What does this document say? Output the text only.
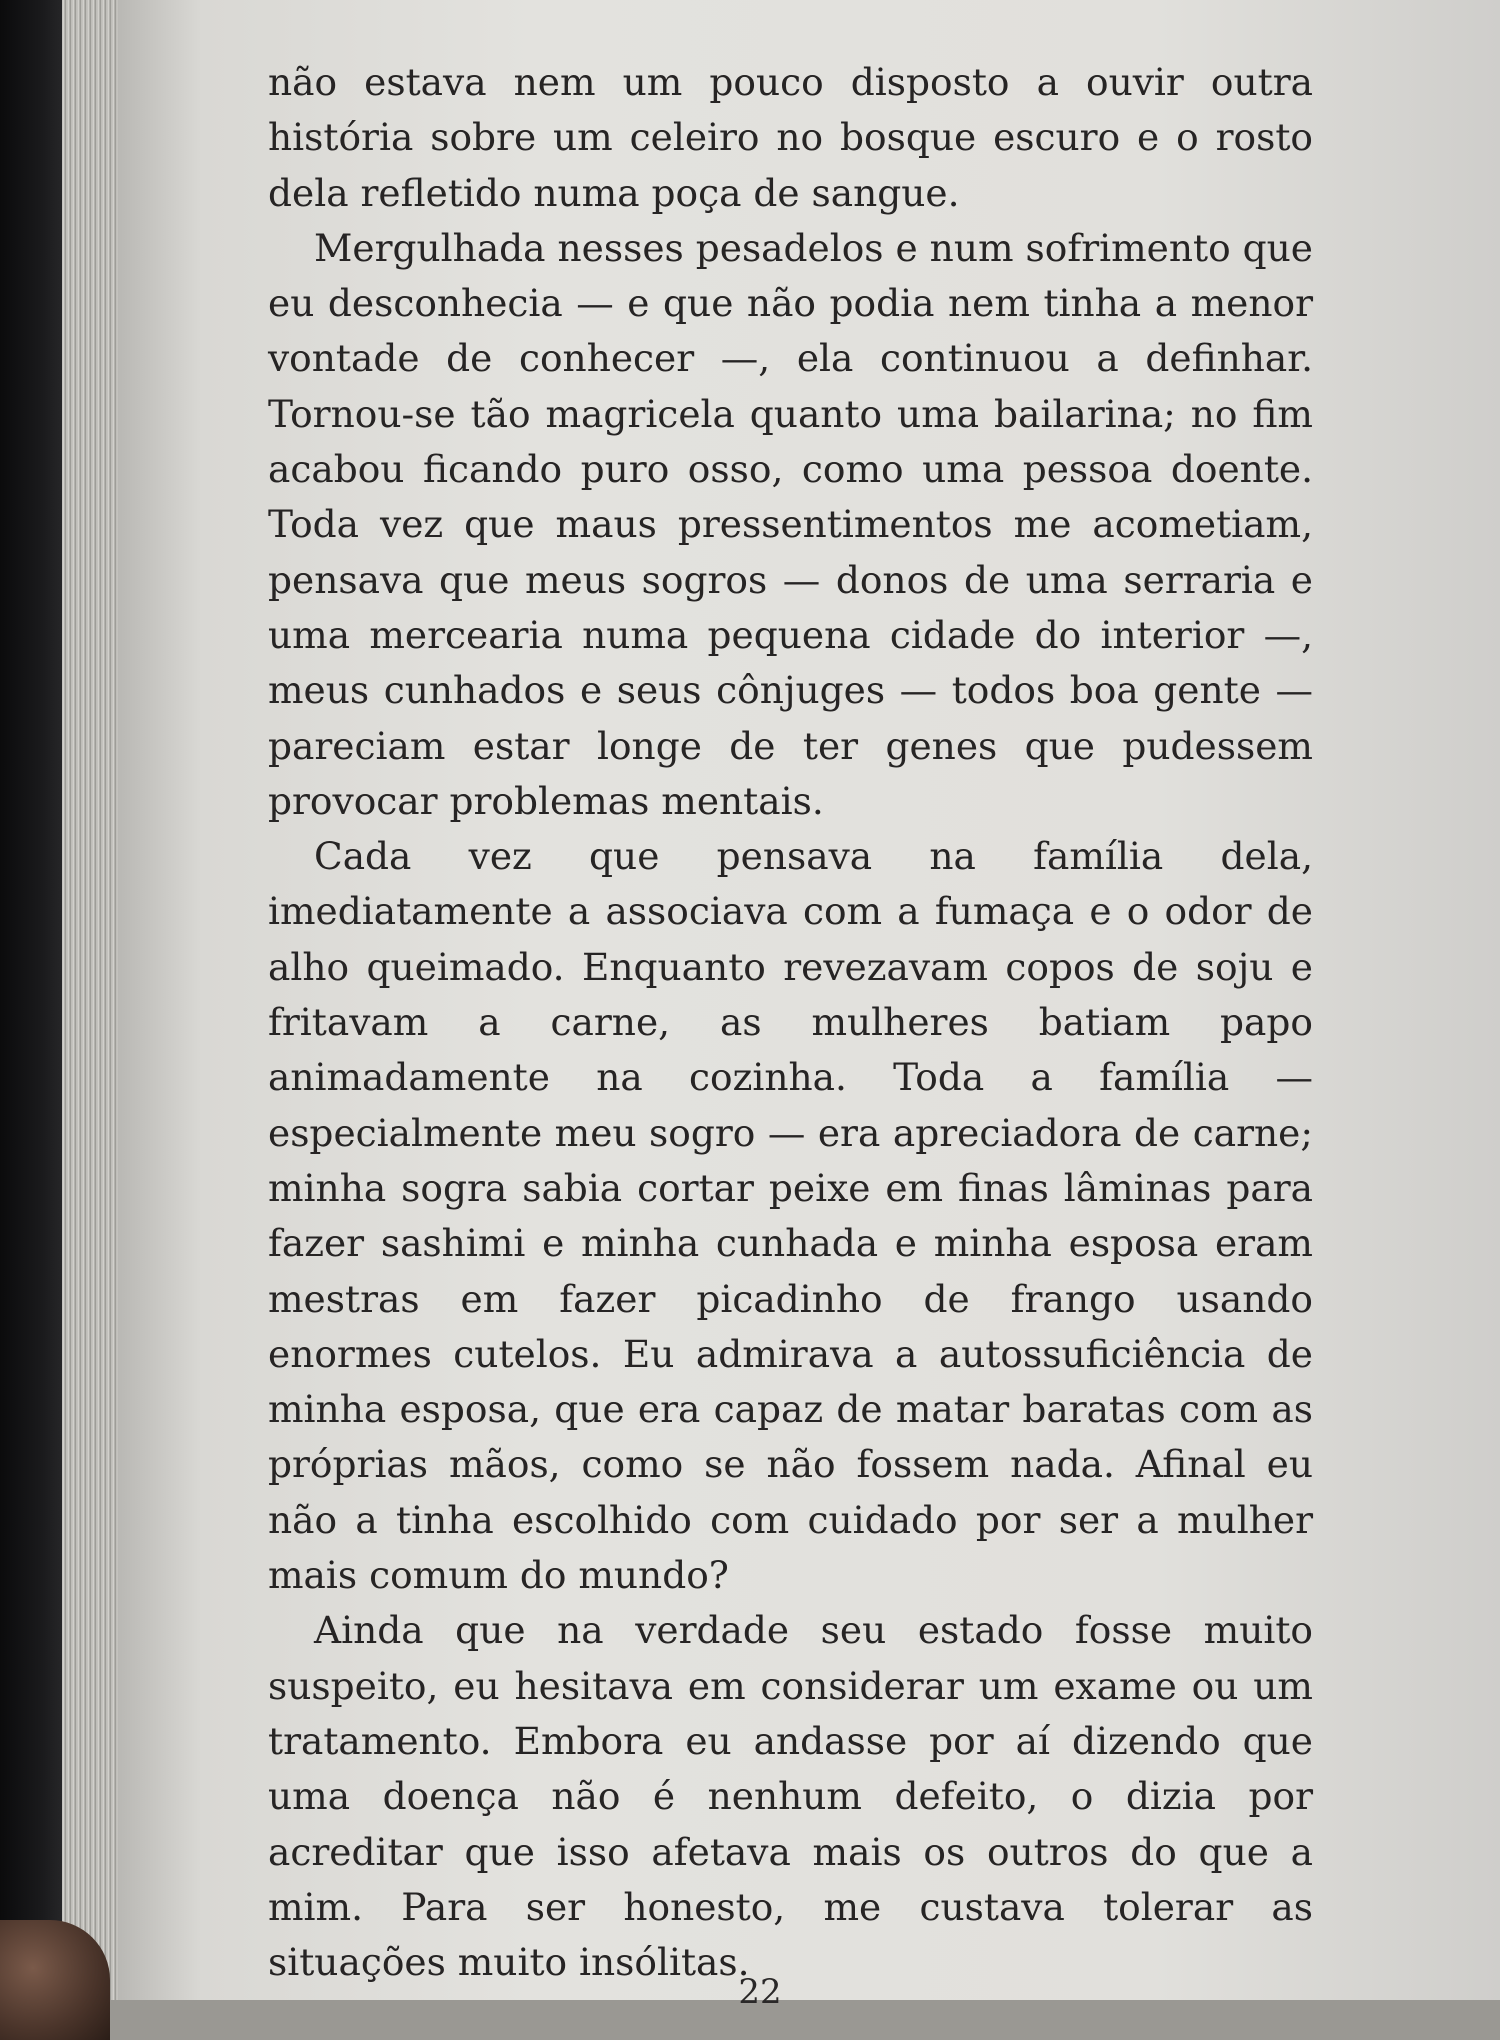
não estava nem um pouco disposto a ouvir outra história sobre um celeiro no bosque escuro e o rosto dela refletido numa poça de sangue.

Mergulhada nesses pesadelos e num sofrimento que eu desconhecia — e que não podia nem tinha a menor vontade de conhecer —, ela continuou a definhar. Tornou-se tão magricela quanto uma bailarina; no fim acabou ficando puro osso, como uma pessoa doente. Toda vez que maus pressentimentos me acometiam, pensava que meus sogros — donos de uma serraria e uma mercearia numa pequena cidade do interior —, meus cunhados e seus cônjuges — todos boa gente — pareciam estar longe de ter genes que pudessem provocar problemas mentais.

Cada vez que pensava na família dela, imediatamente a associava com a fumaça e o odor de alho queimado. Enquanto revezavam copos de soju e fritavam a carne, as mulheres batiam papo animadamente na cozinha. Toda a família — especialmente meu sogro — era apreciadora de carne; minha sogra sabia cortar peixe em finas lâminas para fazer sashimi e minha cunhada e minha esposa eram mestras em fazer picadinho de frango usando enormes cutelos. Eu admirava a autossuficiência de minha esposa, que era capaz de matar baratas com as próprias mãos, como se não fossem nada. Afinal eu não a tinha escolhido com cuidado por ser a mulher mais comum do mundo?

Ainda que na verdade seu estado fosse muito suspeito, eu hesitava em considerar um exame ou um tratamento. Embora eu andasse por aí dizendo que uma doença não é nenhum defeito, o dizia por acreditar que isso afetava mais os outros do que a mim. Para ser honesto, me custava tolerar as situações muito insólitas.

22
